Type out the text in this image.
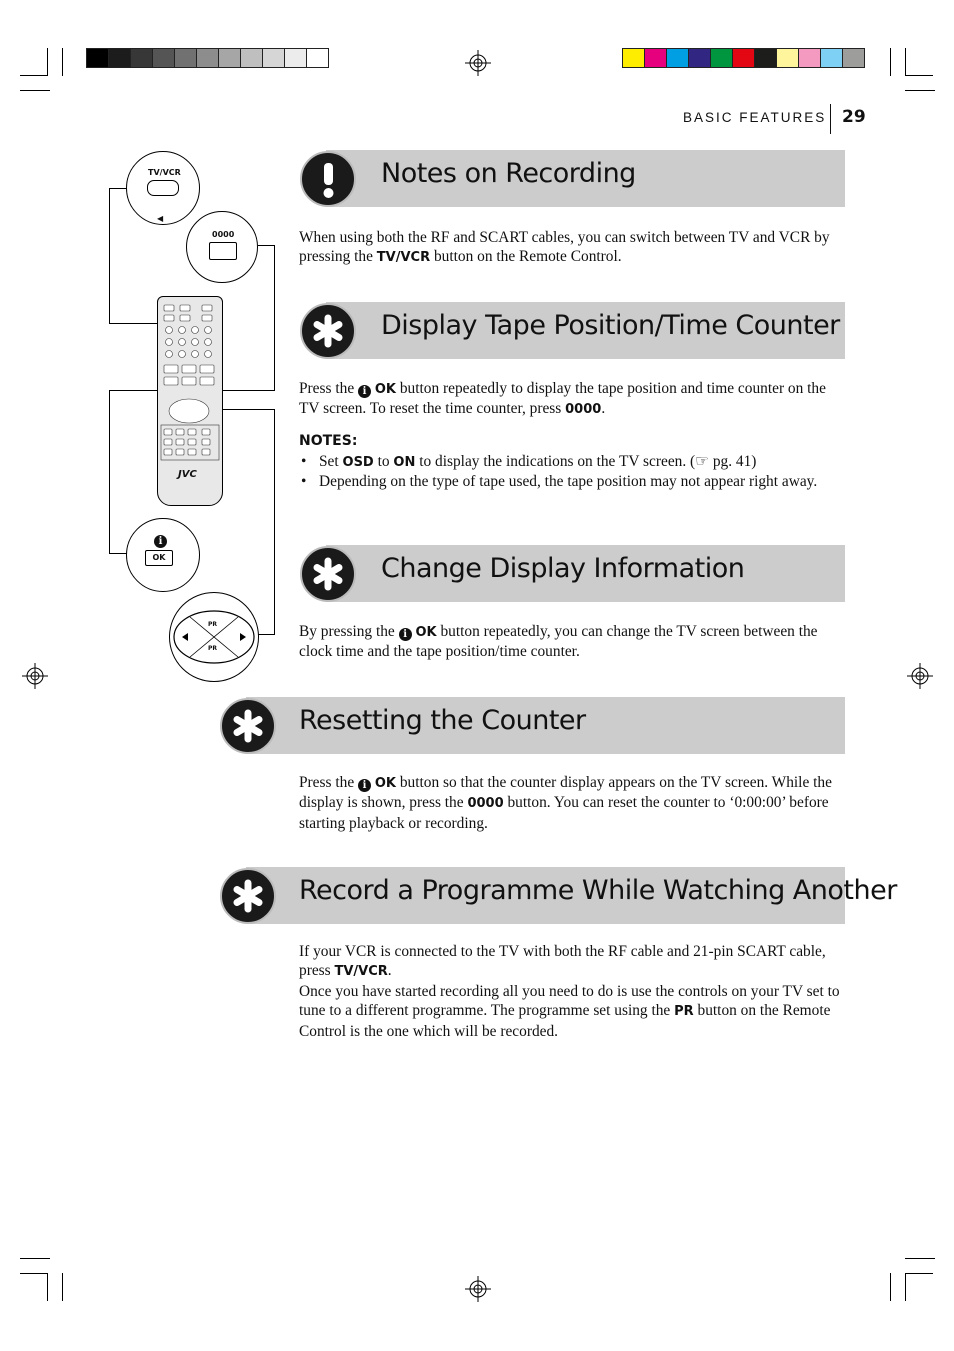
BASIC FEATURES 29
Notes on Recording

When using both the RF and SCART cables, you can switch between TV and VCR by pressing the TV/VCR button on the Remote Control.

Display Tape Position/Time Counter

Press the i OK button repeatedly to display the tape position and time counter on the TV screen. To reset the time counter, press 0000.

NOTES:
• Set OSD to ON to display the indications on the TV screen. (☞ pg. 41)
• Depending on the type of tape used, the tape position may not appear right away.
Change Display Information

By pressing the i OK button repeatedly, you can change the TV screen between the clock time and the tape position/time counter.

Resetting the Counter

Press the i OK button so that the counter display appears on the TV screen. While the display is shown, press the 0000 button. You can reset the counter to ‘0:00:00’ before starting playback or recording.

Record a Programme While Watching Another

If your VCR is connected to the TV with both the RF cable and 21-pin SCART cable, press TV/VCR.

Once you have started recording all you need to do is use the controls on your TV set to tune to a different programme. The programme set using the PR button on the Remote Control is the one which will be recorded.

TV/VCR
◀
0000
JVC
i
OK
PR
PR
